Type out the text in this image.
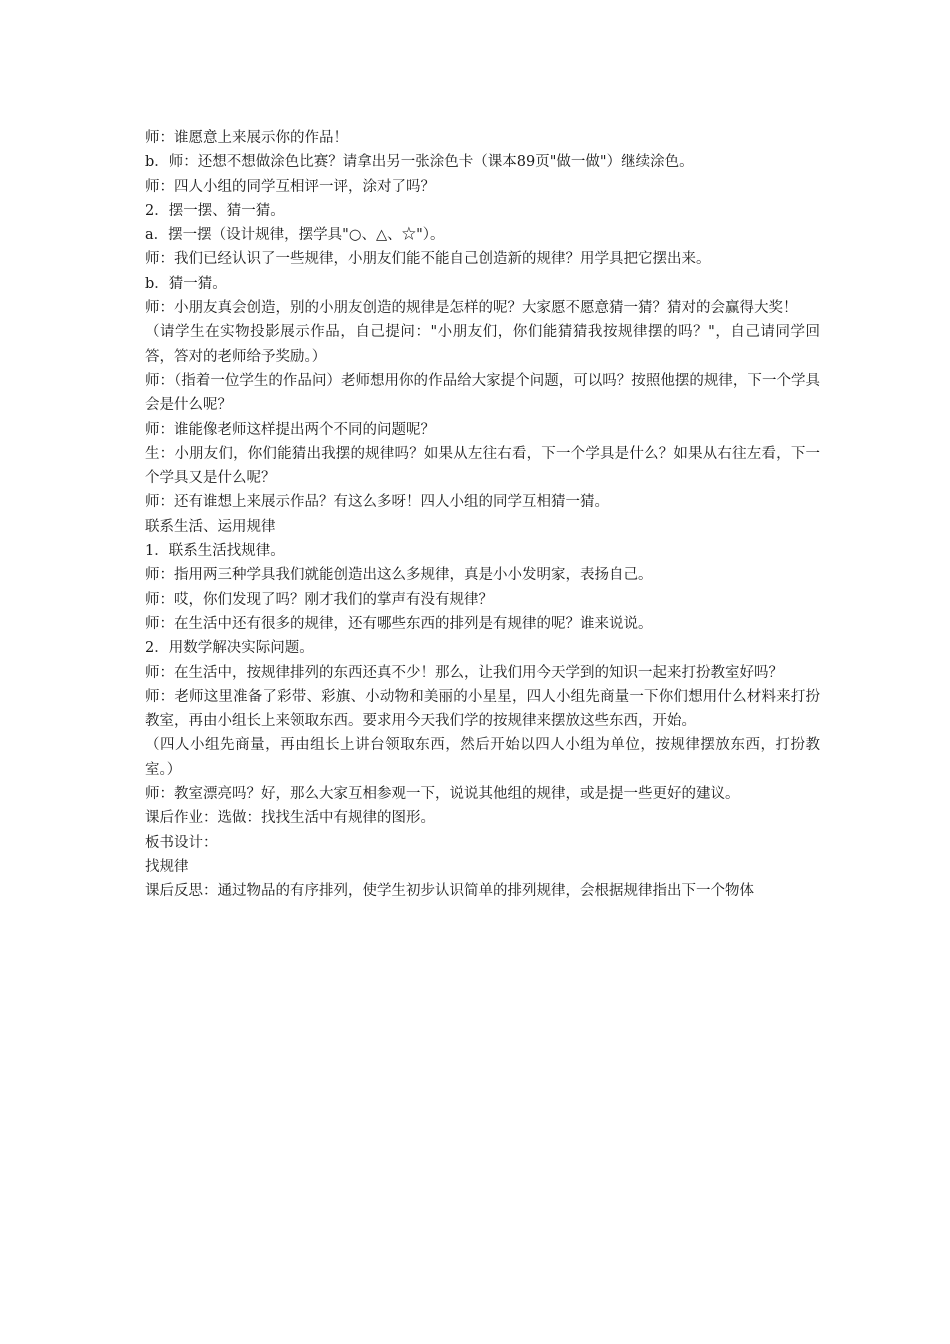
师：谁愿意上来展示你的作品！

b．师：还想不想做涂色比赛？请拿出另一张涂色卡（课本89页"做一做"）继续涂色。

师：四人小组的同学互相评一评，涂对了吗？

2．摆一摆、猜一猜。

a．摆一摆（设计规律，摆学具"○、△、☆"）。

师：我们已经认识了一些规律，小朋友们能不能自己创造新的规律？用学具把它摆出来。

b．猜一猜。

师：小朋友真会创造，别的小朋友创造的规律是怎样的呢？大家愿不愿意猜一猜？猜对的会赢得大奖！

（请学生在实物投影展示作品，自己提问："小朋友们，你们能猜猜我按规律摆的吗？"，自己请同学回答，答对的老师给予奖励。）

师：（指着一位学生的作品问）老师想用你的作品给大家提个问题，可以吗？按照他摆的规律，下一个学具会是什么呢？

师：谁能像老师这样提出两个不同的问题呢？

生：小朋友们，你们能猜出我摆的规律吗？如果从左往右看，下一个学具是什么？如果从右往左看，下一个学具又是什么呢？

师：还有谁想上来展示作品？有这么多呀！四人小组的同学互相猜一猜。

联系生活、运用规律

1．联系生活找规律。

师：指用两三种学具我们就能创造出这么多规律，真是小小发明家，表扬自己。

师：哎，你们发现了吗？刚才我们的掌声有没有规律？

师：在生活中还有很多的规律，还有哪些东西的排列是有规律的呢？谁来说说。

2．用数学解决实际问题。

师：在生活中，按规律排列的东西还真不少！那么，让我们用今天学到的知识一起来打扮教室好吗？

师：老师这里准备了彩带、彩旗、小动物和美丽的小星星，四人小组先商量一下你们想用什么材料来打扮教室，再由小组长上来领取东西。要求用今天我们学的按规律来摆放这些东西，开始。

（四人小组先商量，再由组长上讲台领取东西，然后开始以四人小组为单位，按规律摆放东西，打扮教室。）

师：教室漂亮吗？好，那么大家互相参观一下，说说其他组的规律，或是提一些更好的建议。

课后作业：选做：找找生活中有规律的图形。

板书设计：

找规律

课后反思：通过物品的有序排列，使学生初步认识简单的排列规律，会根据规律指出下一个物体
